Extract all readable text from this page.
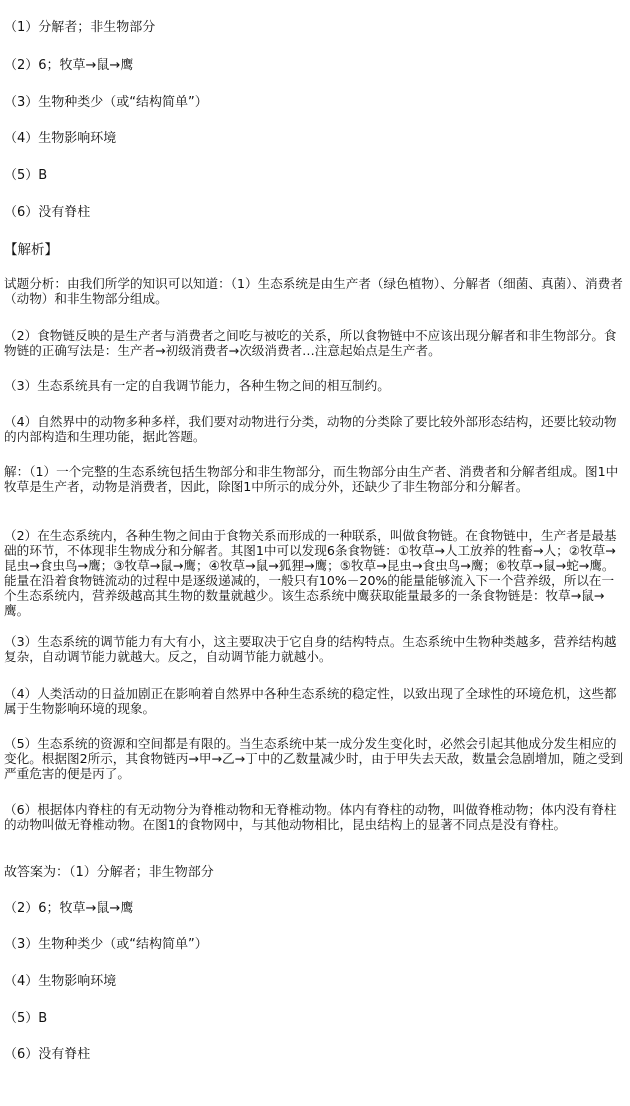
（1）分解者；非生物部分
（2）6；牧草→鼠→鹰
（3）生物种类少（或“结构简单”）
（4）生物影响环境
（5）B
（6）没有脊柱
【解析】
试题分析：由我们所学的知识可以知道：（1）生态系统是由生产者（绿色植物）、分解者（细菌、真菌）、消费者（动物）和非生物部分组成。
（2）食物链反映的是生产者与消费者之间吃与被吃的关系，所以食物链中不应该出现分解者和非生物部分。食物链的正确写法是：生产者→初级消费者→次级消费者…注意起始点是生产者。
（3）生态系统具有一定的自我调节能力，各种生物之间的相互制约。
（4）自然界中的动物多种多样，我们要对动物进行分类，动物的分类除了要比较外部形态结构，还要比较动物的内部构造和生理功能，据此答题。
解：（1）一个完整的生态系统包括生物部分和非生物部分，而生物部分由生产者、消费者和分解者组成。图1中牧草是生产者，动物是消费者，因此，除图1中所示的成分外，还缺少了非生物部分和分解者。
（2）在生态系统内，各种生物之间由于食物关系而形成的一种联系，叫做食物链。在食物链中，生产者是最基础的环节，不体现非生物成分和分解者。其图1中可以发现6条食物链：①牧草→人工放养的牲畜→人；②牧草→昆虫→食虫鸟→鹰；③牧草→鼠→鹰；④牧草→鼠→狐狸→鹰；⑤牧草→昆虫→食虫鸟→鹰；⑥牧草→鼠→蛇→鹰。能量在沿着食物链流动的过程中是逐级递减的，一般只有10%－20%的能量能够流入下一个营养级，所以在一个生态系统内，营养级越高其生物的数量就越少。该生态系统中鹰获取能量最多的一条食物链是：牧草→鼠→鹰。
（3）生态系统的调节能力有大有小，这主要取决于它自身的结构特点。生态系统中生物种类越多，营养结构越复杂，自动调节能力就越大。反之，自动调节能力就越小。
（4）人类活动的日益加剧正在影响着自然界中各种生态系统的稳定性，以致出现了全球性的环境危机，这些都属于生物影响环境的现象。
（5）生态系统的资源和空间都是有限的。当生态系统中某一成分发生变化时，必然会引起其他成分发生相应的变化。根据图2所示，其食物链丙→甲→乙→丁中的乙数量减少时，由于甲失去天敌，数量会急剧增加，随之受到严重危害的便是丙了。
（6）根据体内脊柱的有无动物分为脊椎动物和无脊椎动物。体内有脊柱的动物，叫做脊椎动物；体内没有脊柱的动物叫做无脊椎动物。在图1的食物网中，与其他动物相比，昆虫结构上的显著不同点是没有脊柱。
故答案为：（1）分解者；非生物部分
（2）6；牧草→鼠→鹰
（3）生物种类少（或“结构简单”）
（4）生物影响环境
（5）B
（6）没有脊柱
